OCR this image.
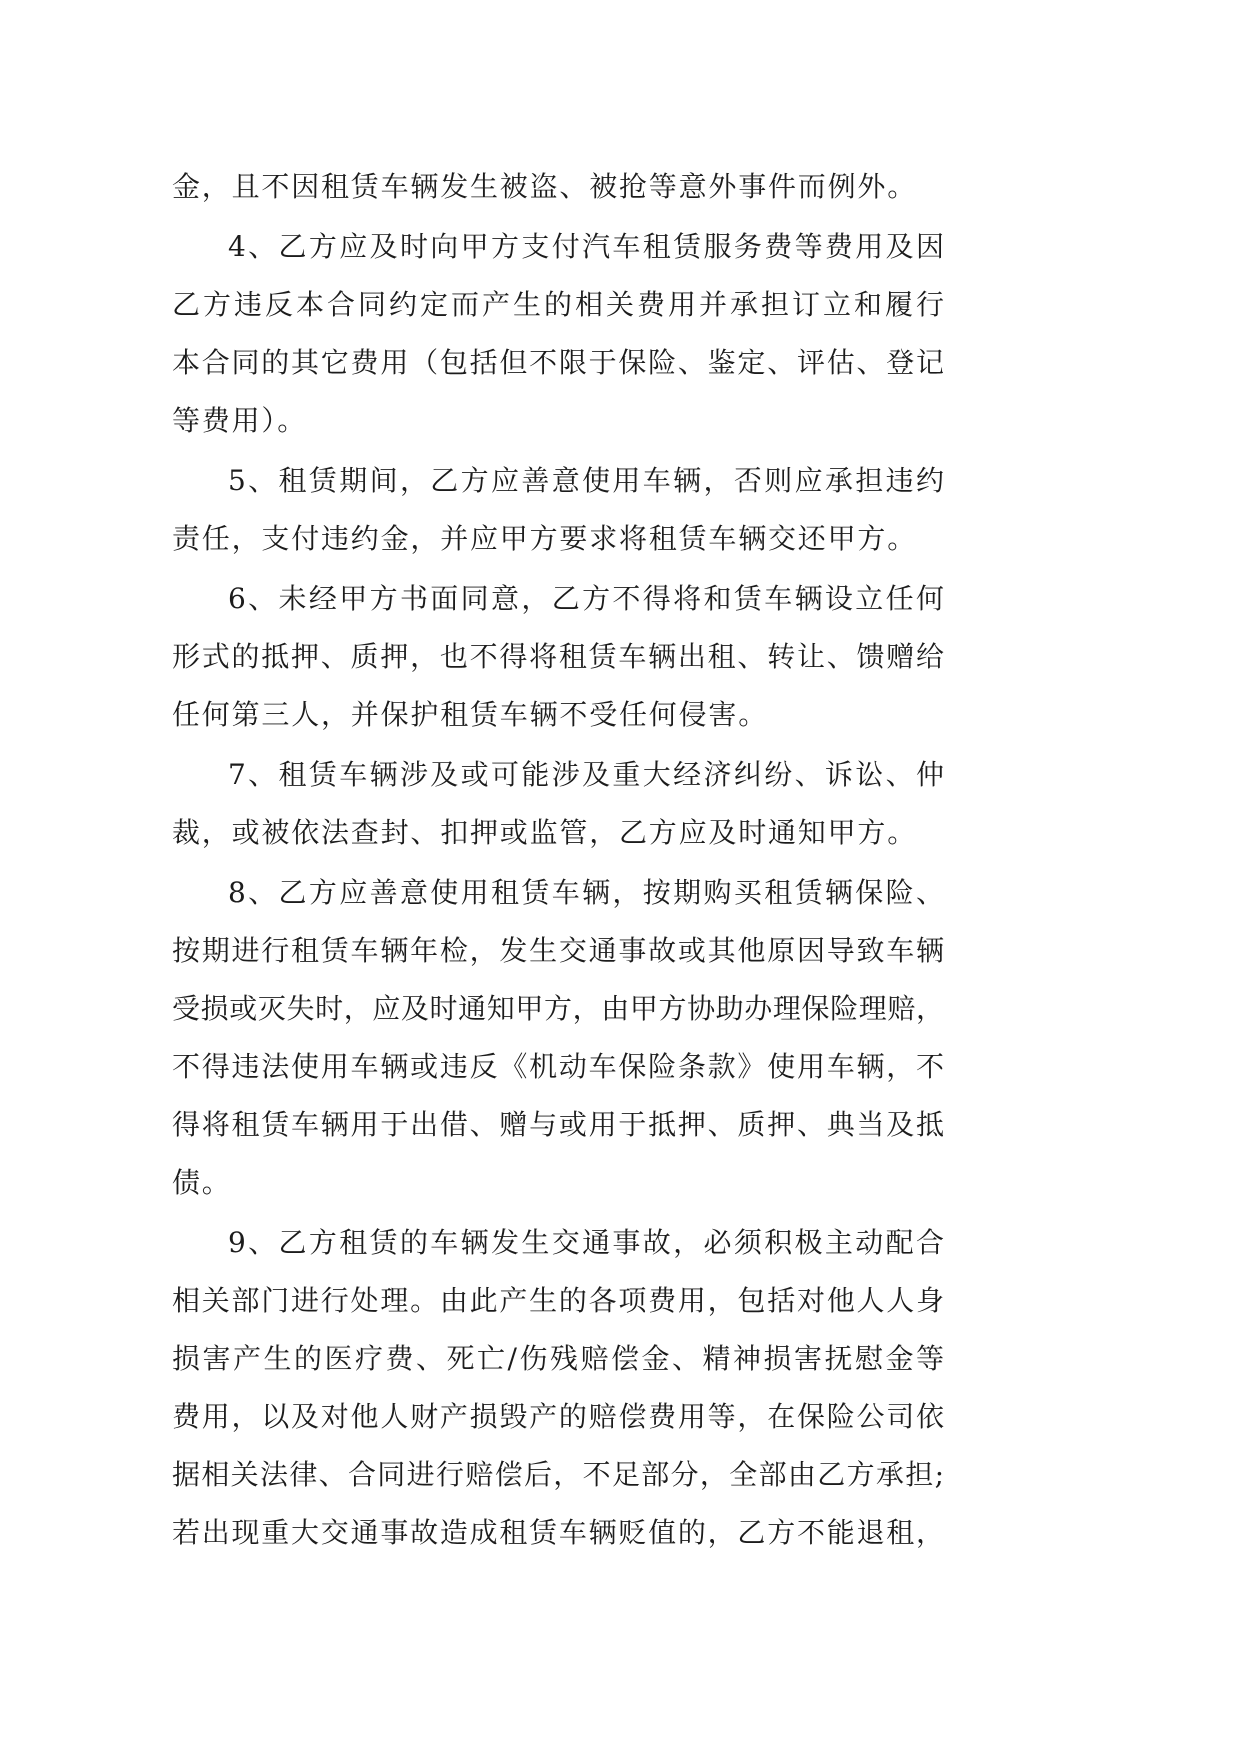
金，且不因租赁车辆发生被盗、被抢等意外事件而例外。
4、乙方应及时向甲方支付汽车租赁服务费等费用及因
乙方违反本合同约定而产生的相关费用并承担订立和履行
本合同的其它费用（包括但不限于保险、鉴定、评估、登记
等费用）。
5、租赁期间，乙方应善意使用车辆，否则应承担违约
责任，支付违约金，并应甲方要求将租赁车辆交还甲方。
6、未经甲方书面同意，乙方不得将和赁车辆设立任何
形式的抵押、质押，也不得将租赁车辆出租、转让、馈赠给
任何第三人，并保护租赁车辆不受任何侵害。
7、租赁车辆涉及或可能涉及重大经济纠纷、诉讼、仲
裁，或被依法查封、扣押或监管，乙方应及时通知甲方。
8、乙方应善意使用租赁车辆，按期购买租赁辆保险、
按期进行租赁车辆年检，发生交通事故或其他原因导致车辆
受损或灭失时，应及时通知甲方，由甲方协助办理保险理赔，
不得违法使用车辆或违反《机动车保险条款》使用车辆，不
得将租赁车辆用于出借、赠与或用于抵押、质押、典当及抵
债。
9、乙方租赁的车辆发生交通事故，必须积极主动配合
相关部门进行处理。由此产生的各项费用，包括对他人人身
损害产生的医疗费、死亡/伤残赔偿金、精神损害抚慰金等
费用，以及对他人财产损毁产的赔偿费用等，在保险公司依
据相关法律、合同进行赔偿后，不足部分，全部由乙方承担;
若出现重大交通事故造成租赁车辆贬值的，乙方不能退租，
